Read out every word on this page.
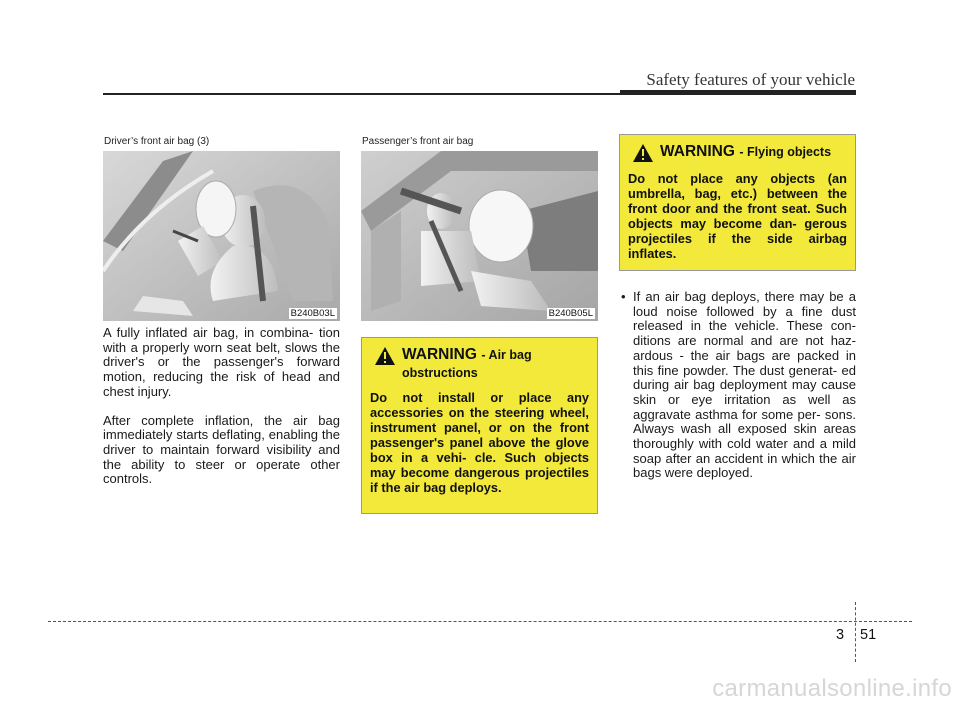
Safety features of your vehicle
Driver’s front air bag (3)
B240B03L
Passenger’s front air bag
B240B05L

A fully inflated air bag, in combina- tion with a properly worn seat belt, slows the driver's or the passenger's forward motion, reducing the risk of head and chest injury.

After complete inflation, the air bag immediately starts deflating, enabling the driver to maintain forward visibility and the ability to steer or operate other controls.

WARNING - Air bag obstructions
Do not install or place any accessories on the steering wheel, instrument panel, or on the front passenger's panel above the glove box in a vehi- cle. Such objects may become dangerous projectiles if the air bag deploys.
WARNING - Flying objects
Do not place any objects (an umbrella, bag, etc.) between the front door and the front seat. Such objects may become dan- gerous projectiles if the side airbag inflates.
• If an air bag deploys, there may be a loud noise followed by a fine dust released in the vehicle. These con- ditions are normal and are not haz- ardous - the air bags are packed in this fine powder. The dust generat- ed during air bag deployment may cause skin or eye irritation as well as aggravate asthma for some per- sons. Always wash all exposed skin areas thoroughly with cold water and a mild soap after an accident in which the air bags were deployed.
3 51
carmanualsonline.info
